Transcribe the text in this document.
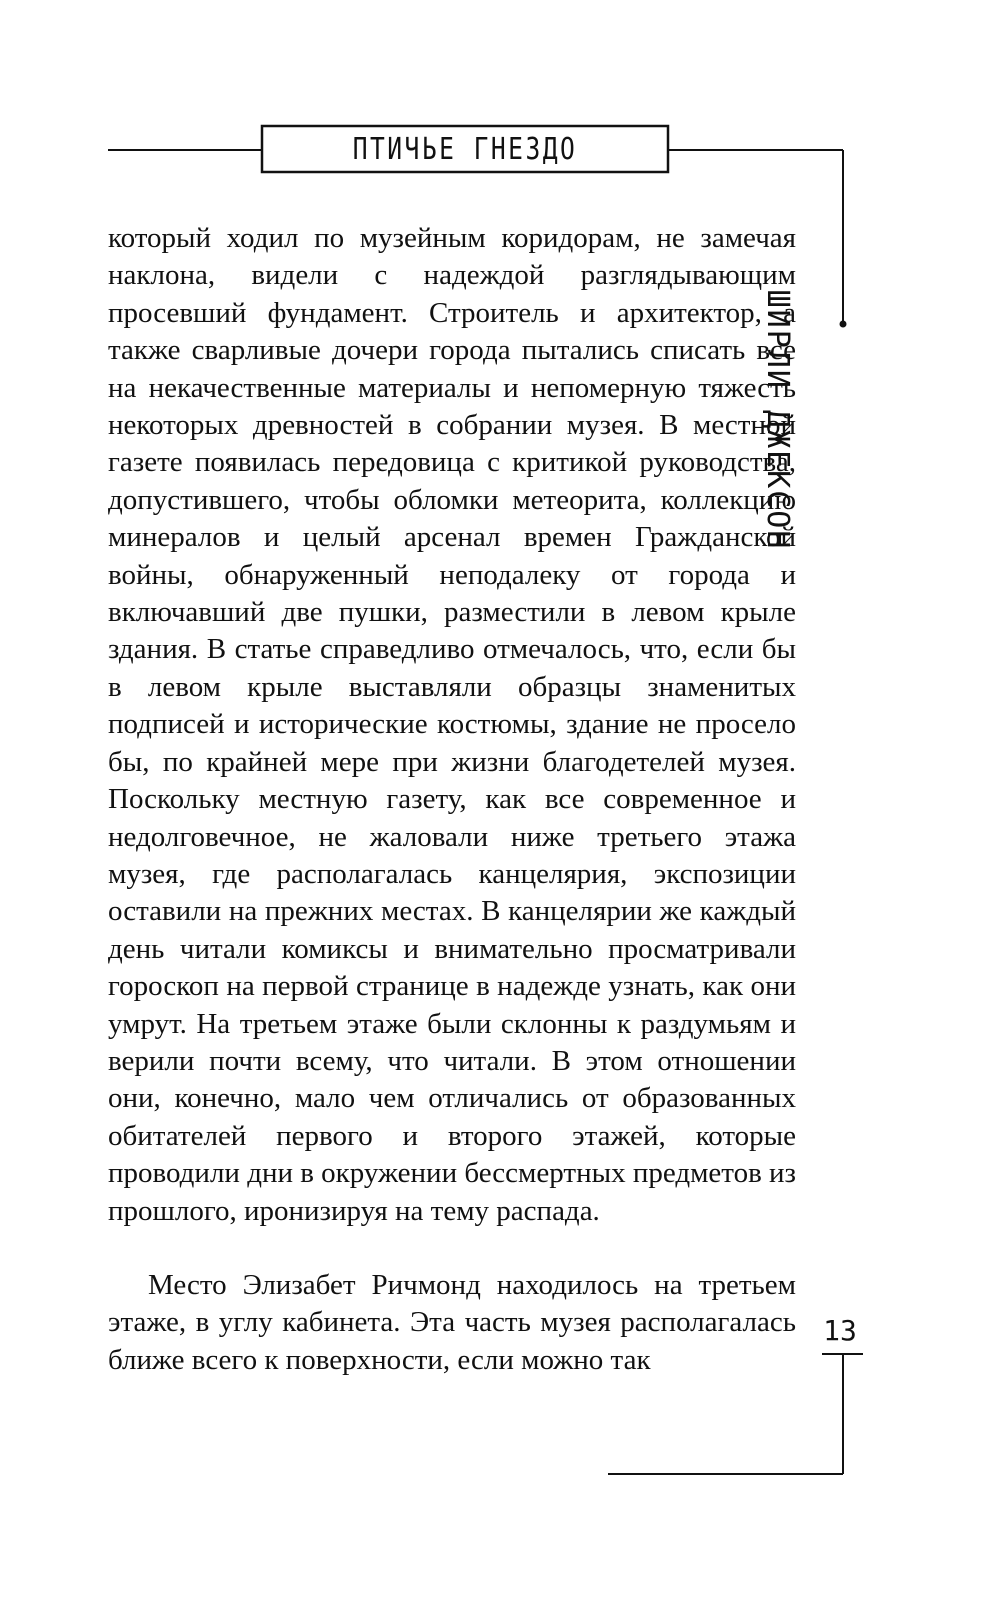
ПТИЧЬЕ ГНЕЗДО
ШИРЛИ ДЖЕКСОН
13

который ходил по музейным коридорам, не замечая наклона, видели с надеждой разглядывающим просевший фундамент. Строитель и архитектор, а также сварливые дочери города пытались списать все на некачественные материалы и непомерную тяжесть некоторых древностей в собрании музея. В местной газете появилась передовица с критикой руководства, допустившего, чтобы обломки метеорита, коллекцию минералов и целый арсенал времен Гражданской войны, обнаруженный неподалеку от города и включавший две пушки, разместили в левом крыле здания. В статье справедливо отмечалось, что, если бы в левом крыле выставляли образцы знаменитых подписей и исторические костюмы, здание не просело бы, по крайней мере при жизни благодетелей музея. Поскольку местную газету, как все современное и недолговечное, не жаловали ниже третьего этажа музея, где располагалась канцелярия, экспозиции оставили на прежних местах. В канцелярии же каждый день читали комиксы и внимательно просматривали гороскоп на первой странице в надежде узнать, как они умрут. На третьем этаже были склонны к раздумьям и верили почти всему, что читали. В этом отношении они, конечно, мало чем отличались от образованных обитателей первого и второго этажей, которые проводили дни в окружении бессмертных предметов из прошлого, иронизируя на тему распада.

Место Элизабет Ричмонд находилось на третьем этаже, в углу кабинета. Эта часть музея располагалась ближе всего к поверхности, если можно так
